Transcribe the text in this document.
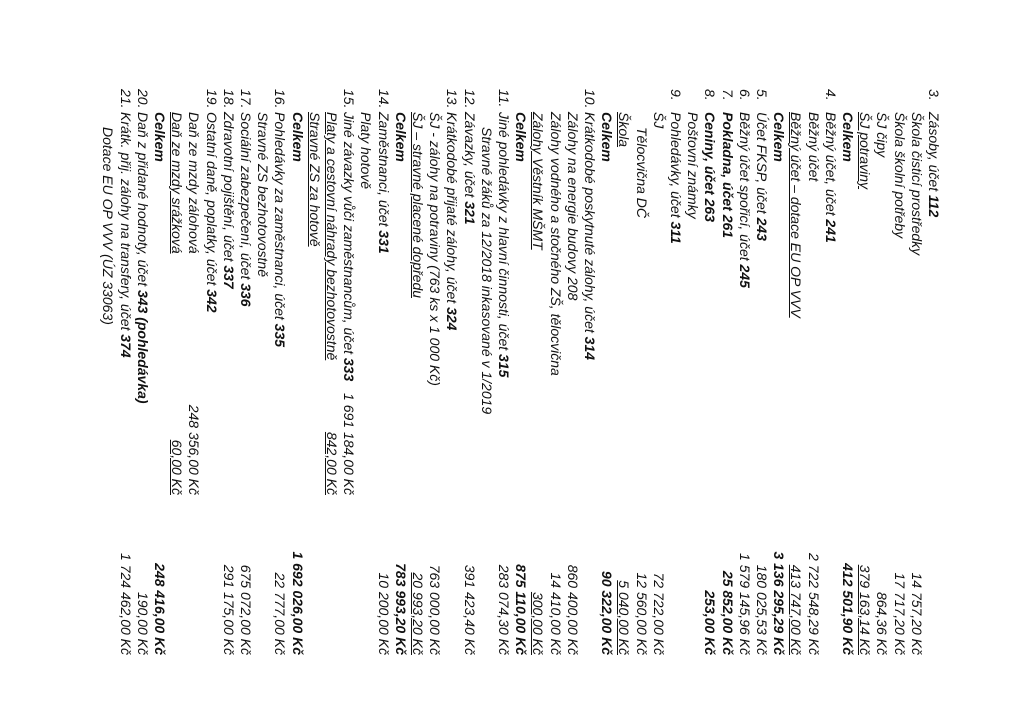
3.
Zásoby, účet 112
Škola čisticí prostředky
14 757,20 Kč
Škola školní potřeby
17 717,20 Kč
ŠJ čipy
864,36 Kč
ŠJ potraviny
379 163,14 Kč
Celkem
412 501,90 Kč
4.
Běžný účet, účet 241
Běžný účet
2 722 548,29 Kč
Běžný účet – dotace EU OP VVV
413 747,00 Kč
Celkem
3 136 295,29 Kč
5.
Účet FKSP, účet 243
180 025,53 Kč
6.
Běžný účet spořicí, účet 245
1 579 145,96 Kč
7.
Pokladna, účet 261
25 852,00 Kč
8.
Ceniny, účet 263
253,00 Kč
Poštovní známky
9.
Pohledávky, účet 311
ŠJ
72 722,00 Kč
Tělocvična DČ
12 560,00 Kč
Škola
5 040,00 Kč
Celkem
90 322,00 Kč
10.
Krátkodobé poskytnuté zálohy, účet 314
Zálohy na energie budovy 208
860 400,00 Kč
Zálohy vodného a stočného ZŠ, tělocvična
14 410,00 Kč
Zálohy Věstník MŠMT
300,00 Kč
Celkem
875 110,00 Kč
11.
Jiné pohledávky z hlavní činnosti, účet 315
283 074,30 Kč
Stravné žáků za 12/2018 inkasované v 1/2019
12.
Závazky, účet 321
391 423,40 Kč
13.
Krátkodobé přijaté zálohy, účet 324
ŠJ - zálohy na potraviny (763 ks x 1 000 Kč)
763 000,00 Kč
ŠJ – stravné placené dopředu
20 993,20 Kč
Celkem
783 993,20 Kč
14.
Zaměstnanci, účet 331
10 200,00 Kč
Platy hotově
15.
Jiné závazky vůči zaměstnancům, účet 333
1 691 184,00 Kč
Platy a cestovní náhrady bezhotovostně
842,00 Kč
Stravné ZS za hotově
Celkem
1 692 026,00 Kč
16.
Pohledávky za zaměstnanci, účet 335
22 777,00 Kč
Stravné ZS bezhotovostně
17.
Sociální zabezpečení, účet 336
675 072,00 Kč
18.
Zdravotní pojištění, účet 337
291 175,00 Kč
19.
Ostatní daně, poplatky, účet 342
Daň ze mzdy zálohová
248 356,00 Kč
Daň ze mzdy srážková
60,00 Kč
Celkem
248 416,00 Kč
20.
Daň z přidané hodnoty, účet 343 (pohledávka)
190,00 Kč
21.
Krátk. přij. zálohy na transfery, účet 374
1 724 462,00 Kč
Dotace EU OP VVV (ÚZ 33063)
